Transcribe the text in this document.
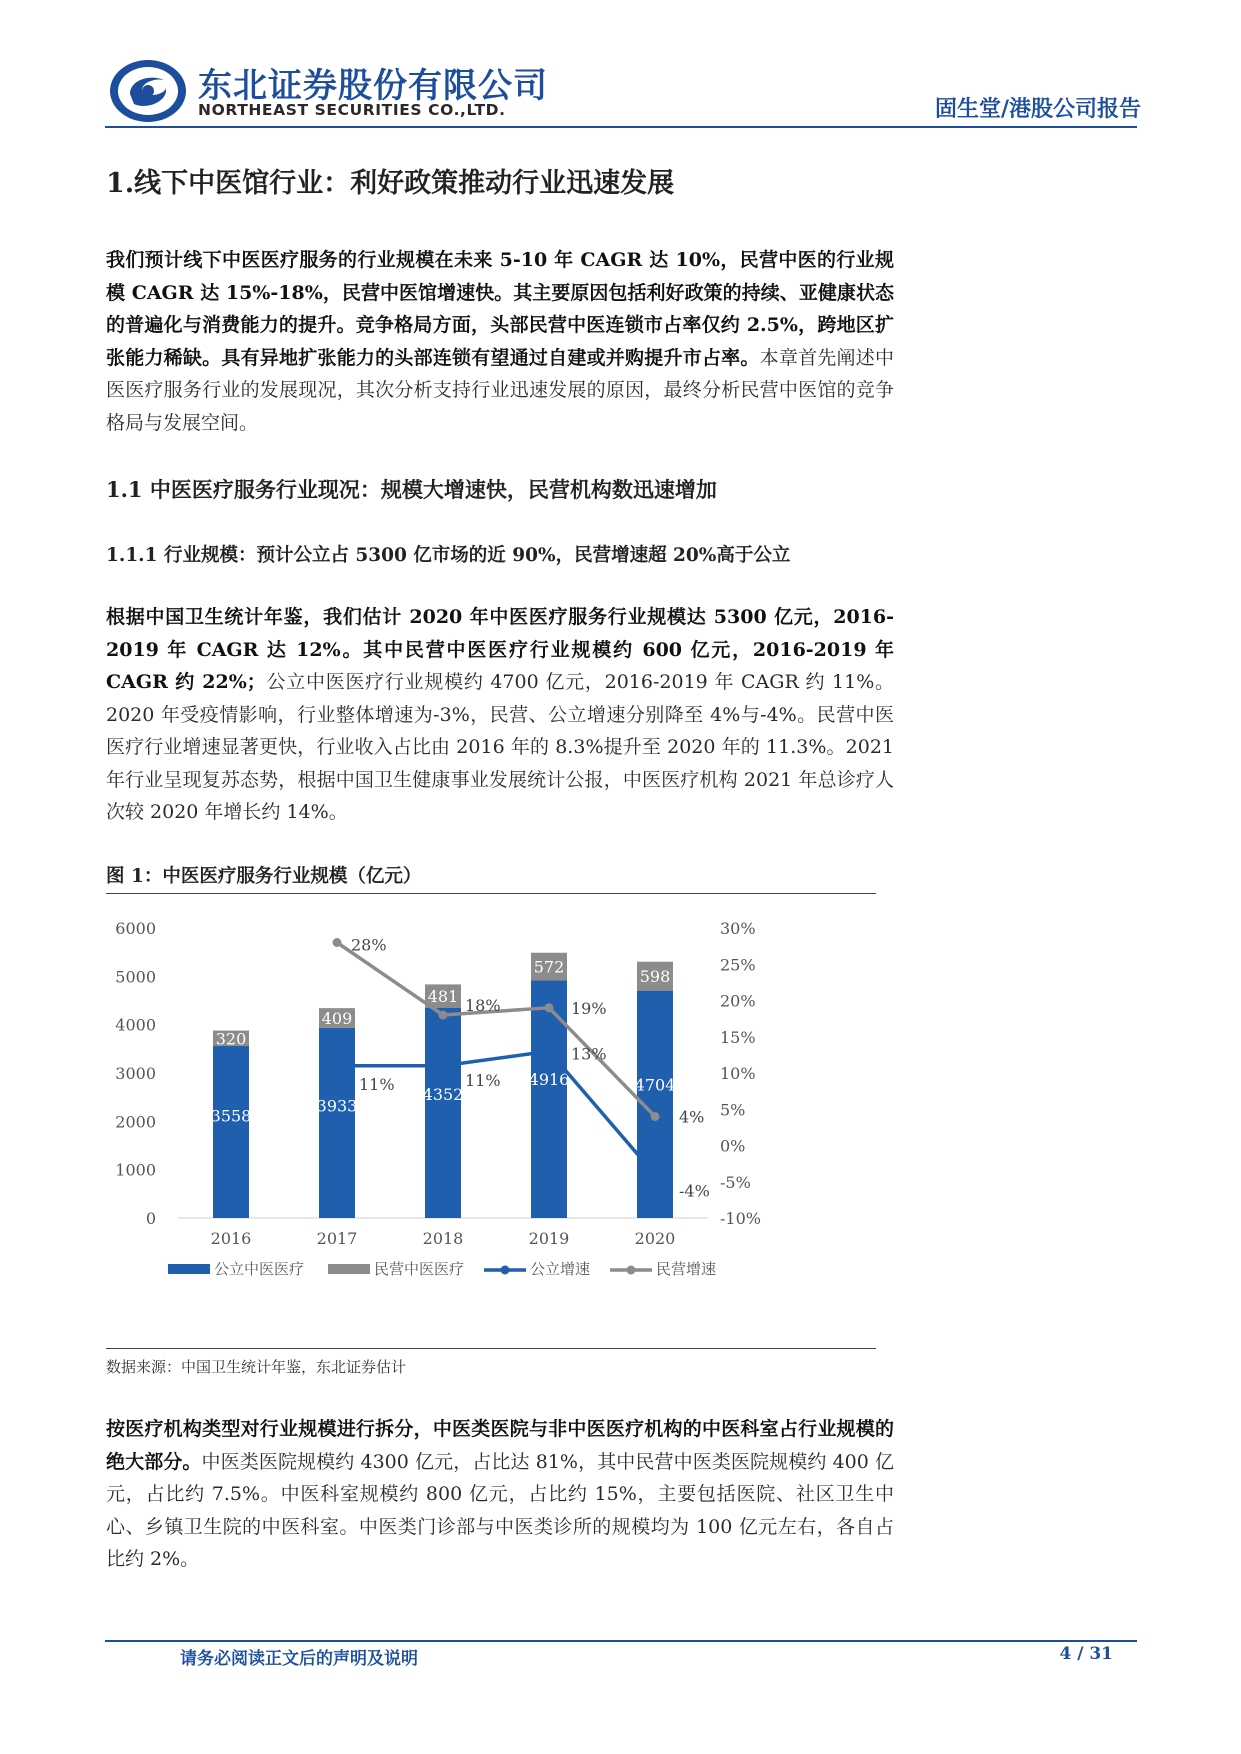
东北证券股份有限公司
NORTHEAST SECURITIES CO.,LTD.	固生堂/港股公司报告
1.线下中医馆行业：利好政策推动行业迅速发展
我们预计线下中医医疗服务的行业规模在未来 5-10 年 CAGR 达 10%，民营中医的行业规模 CAGR 达 15%-18%，民营中医馆增速快。其主要原因包括利好政策的持续、亚健康状态的普遍化与消费能力的提升。竞争格局方面，头部民营中医连锁市占率仅约 2.5%，跨地区扩张能力稀缺。具有异地扩张能力的头部连锁有望通过自建或并购提升市占率。本章首先阐述中医医疗服务行业的发展现况，其次分析支持行业迅速发展的原因，最终分析民营中医馆的竞争格局与发展空间。
1.1 中医医疗服务行业现况：规模大增速快，民营机构数迅速增加
1.1.1 行业规模：预计公立占 5300 亿市场的近 90%，民营增速超 20%高于公立
根据中国卫生统计年鉴，我们估计 2020 年中医医疗服务行业规模达 5300 亿元，2016-2019 年 CAGR 达 12%。其中民营中医医疗行业规模约 600 亿元，2016-2019 年 CAGR 约 22%；公立中医医疗行业规模约 4700 亿元，2016-2019 年 CAGR 约 11%。2020 年受疫情影响，行业整体增速为-3%，民营、公立增速分别降至 4%与-4%。民营中医医疗行业增速显著更快，行业收入占比由 2016 年的 8.3%提升至 2020 年的 11.3%。2021 年行业呈现复苏态势，根据中国卫生健康事业发展统计公报，中医医疗机构 2021 年总诊疗人次较 2020 年增长约 14%。
图 1：中医医疗服务行业规模（亿元）
0
1000
2000
3000
4000
5000
6000
-10%
-5%
0%
5%
10%
15%
20%
25%
30%
2016	2017	2018	2019	2020
3558
320
3933
409
4352
481
4916
572
4704
598
28%
18%	19%
4%
11%	11%
13%
-4%
公立中医医疗	民营中医医疗	公立增速	民营增速
数据来源：中国卫生统计年鉴，东北证券估计
按医疗机构类型对行业规模进行拆分，中医类医院与非中医医疗机构的中医科室占行业规模的绝大部分。中医类医院规模约 4300 亿元，占比达 81%，其中民营中医类医院规模约 400 亿元，占比约 7.5%。中医科室规模约 800 亿元，占比约 15%，主要包括医院、社区卫生中心、乡镇卫生院的中医科室。中医类门诊部与中医类诊所的规模均为 100 亿元左右，各自占比约 2%。
请务必阅读正文后的声明及说明	4 / 31
